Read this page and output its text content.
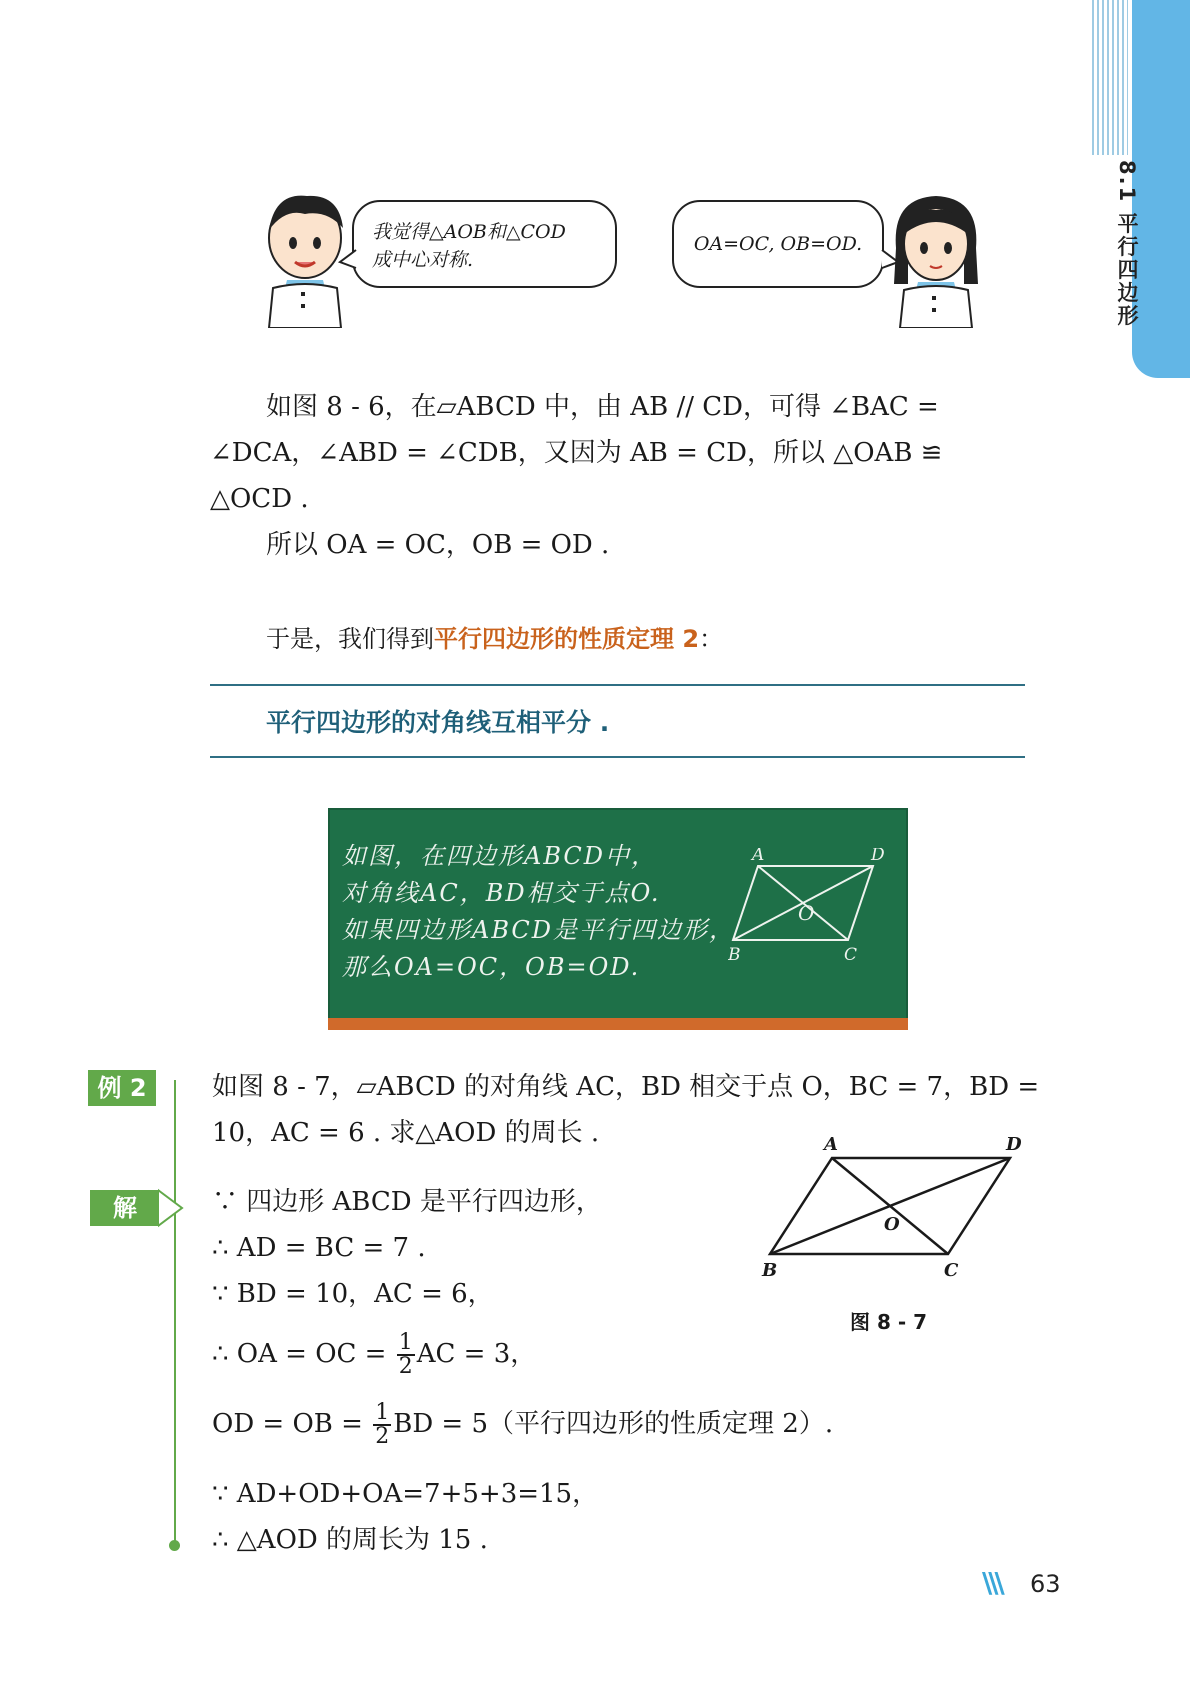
8.1 平行四边形
我觉得△AOB和△COD
成中心对称.
OA=OC, OB=OD.
如图 8 - 6，在▱ABCD 中，由 AB // CD，可得 ∠BAC =
∠DCA，∠ABD = ∠CDB，又因为 AB = CD，所以 △OAB ≌
△OCD .
所以 OA = OC，OB = OD .
于是，我们得到平行四边形的性质定理 2：
平行四边形的对角线互相平分 .
如图，在四边形ABCD中，
对角线AC，BD相交于点O.
如果四边形ABCD是平行四边形，
那么OA=OC，OB=OD.
A	D
B	C
O
例 2	如图 8 - 7，▱ABCD 的对角线 AC，BD 相交于点 O，BC = 7，BD =
10，AC = 6 . 求△AOD 的周长 .
解	∵ 四边形 ABCD 是平行四边形，
∴ AD = BC = 7 .
∵ BD = 10，AC = 6，
∴ OA = OC = $\frac{1}{2}$ AC = 3，
OD = OB = $\frac{1}{2}$ BD = 5（平行四边形的性质定理 2）.
∵ AD+OD+OA=7+5+3=15，
∴ △AOD 的周长为 15 .
A	D
B	C
O
图 8 - 7
\\\ 63
